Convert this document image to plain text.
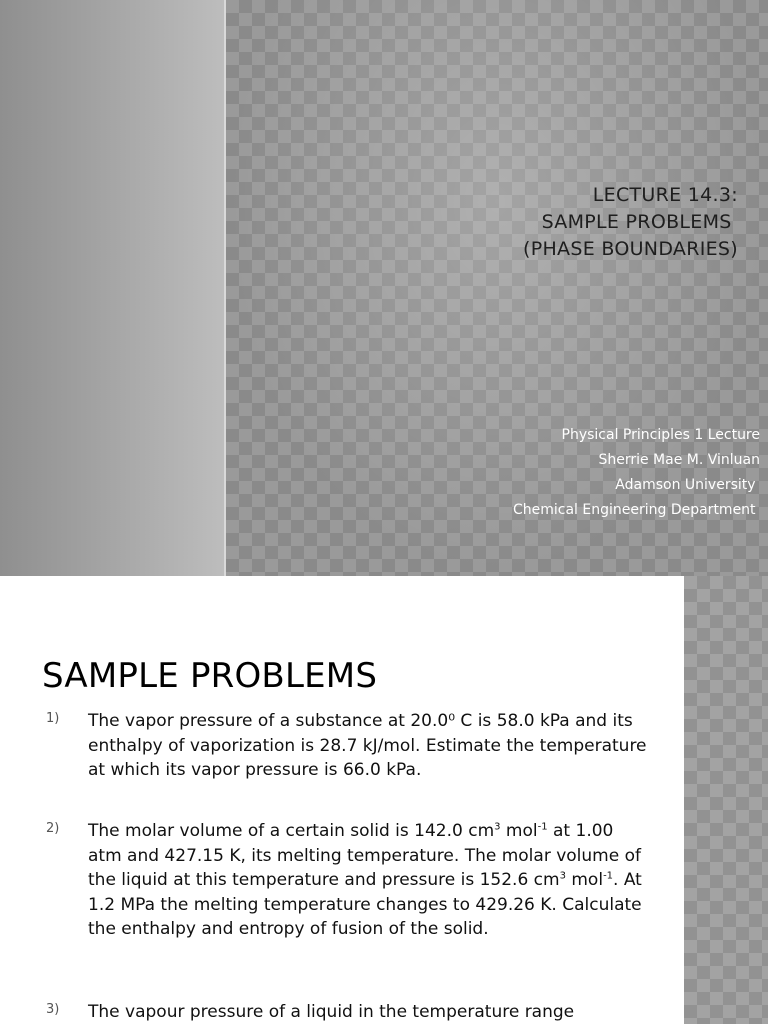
LECTURE 14.3:
SAMPLE PROBLEMS
(PHASE BOUNDARIES)
Physical Principles 1 Lecture
Sherrie Mae M. Vinluan
Adamson University
Chemical Engineering Department
SAMPLE PROBLEMS
1) The vapor pressure of a substance at 20.0⁰ C is 58.0 kPa and its enthalpy of vaporization is 28.7 kJ/mol. Estimate the temperature at which its vapor pressure is 66.0 kPa.

2) The molar volume of a certain solid is 142.0 $cm^3$ mol$^{-1}$ at 1.00 atm and 427.15 K, its melting temperature. The molar volume of the liquid at this temperature and pressure is 152.6 $cm^3$ mol$^{-1}$. At 1.2 MPa the melting temperature changes to 429.26 K. Calculate the enthalpy and entropy of fusion of the solid.

3) The vapour pressure of a liquid in the temperature range
